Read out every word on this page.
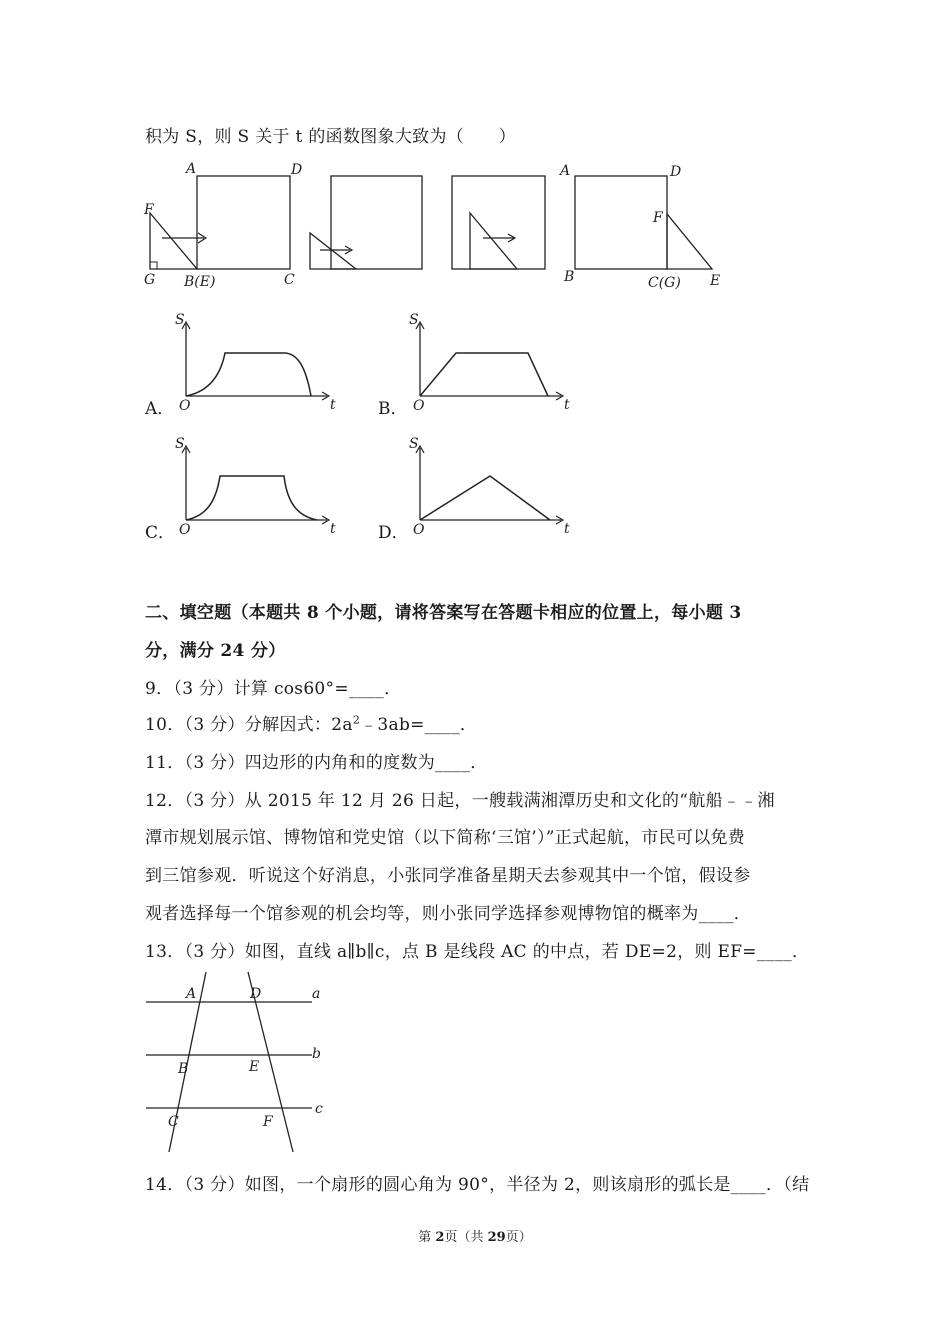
积为 S，则 S 关于 t 的函数图象大致为（　　）
A	D
F
G B(E)	C
A	D
F
B	C(G) E
A．
S
O	t B．
S
O	t
C．
S
O	t D．
S
O	t
二、填空题（本题共 8 个小题，请将答案写在答题卡相应的位置上，每小题 3
分，满分 24 分）
9．（3 分）计算 cos60°=____．
10．（3 分）分解因式：$2a^2﹣3ab=\_\_\_\_$．
11．（3 分）四边形的内角和的度数为____．
12．（3 分）从 2015 年 12 月 26 日起，一艘载满湘潭历史和文化的“航船﹣﹣湘
潭市规划展示馆、博物馆和党史馆（以下简称‘三馆’）”正式起航，市民可以免费
到三馆参观．听说这个好消息，小张同学准备星期天去参观其中一个馆，假设参
观者选择每一个馆参观的机会均等，则小张同学选择参观博物馆的概率为____．
13．（3 分）如图，直线 a∥b∥c，点 B 是线段 AC 的中点，若 DE=2，则 EF=____．
A	D	a
B	E
b
C	F
c
14．（3 分）如图，一个扇形的圆心角为 90°，半径为 2，则该扇形的弧长是____．（结
第 2页（共 29页）
